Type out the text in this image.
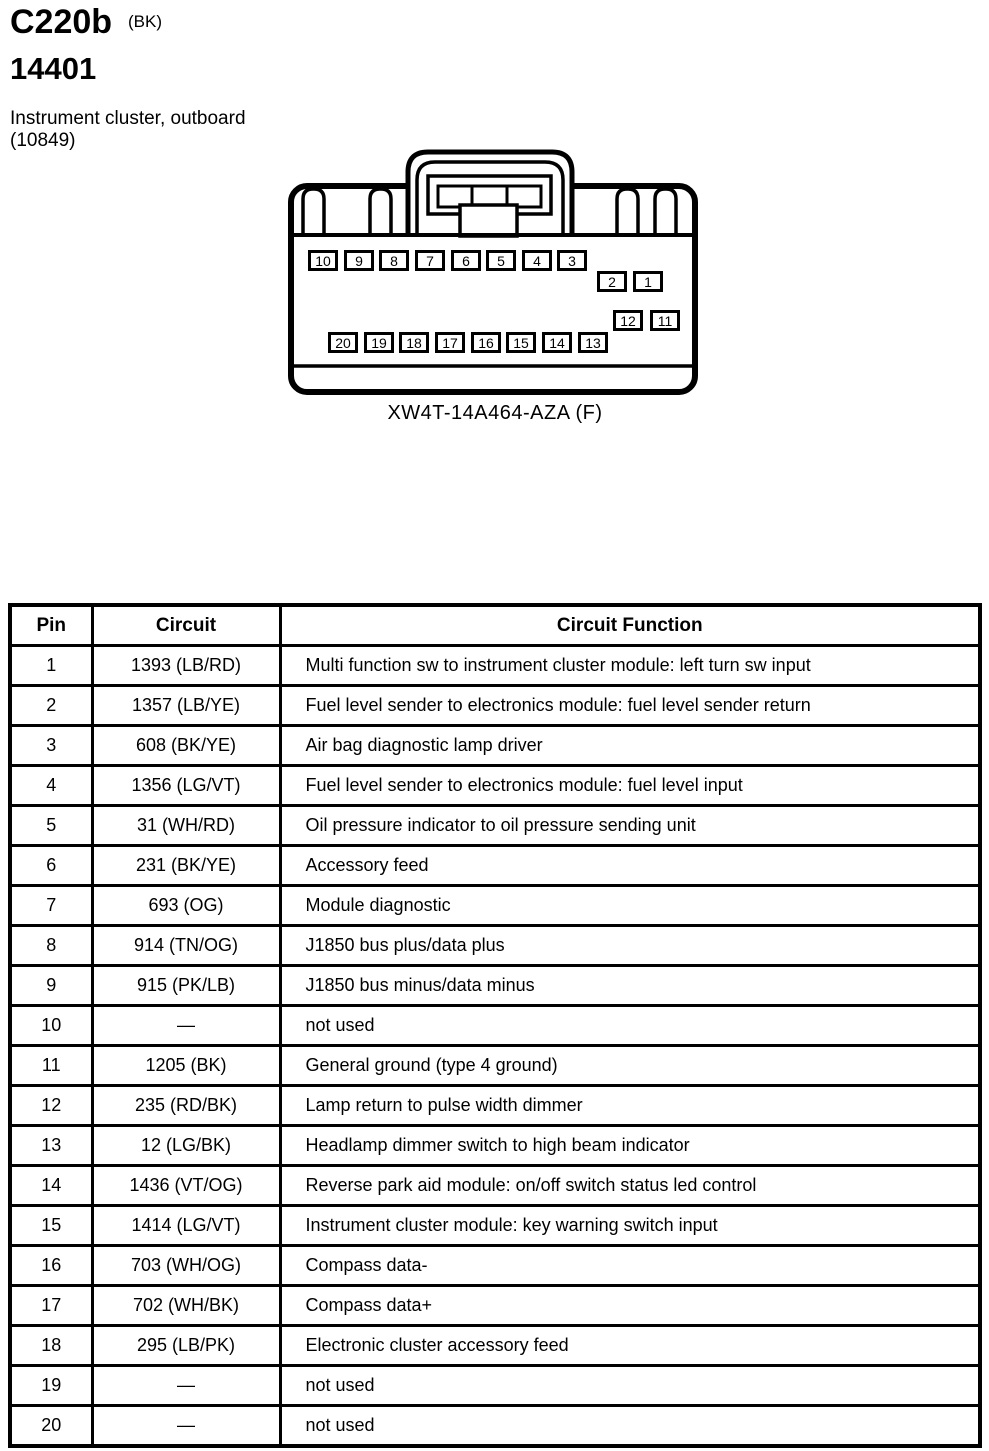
C220b (BK)
14401
Instrument cluster, outboard
(10849)
10	9	8	7	6	5	4	3
2	1
12	11
20	19	18	17	16	15	14	13
XW4T-14A464-AZA (F)
Pin	Circuit	Circuit Function
1	1393 (LB/RD)	Multi function sw to instrument cluster module: left turn sw input
2	1357 (LB/YE)	Fuel level sender to electronics module: fuel level sender return
3	608 (BK/YE)	Air bag diagnostic lamp driver
4	1356 (LG/VT)	Fuel level sender to electronics module: fuel level input
5	31 (WH/RD)	Oil pressure indicator to oil pressure sending unit
6	231 (BK/YE)	Accessory feed
7	693 (OG)	Module diagnostic
8	914 (TN/OG)	J1850 bus plus/data plus
9	915 (PK/LB)	J1850 bus minus/data minus
10	—	not used
11	1205 (BK)	General ground (type 4 ground)
12	235 (RD/BK)	Lamp return to pulse width dimmer
13	12 (LG/BK)	Headlamp dimmer switch to high beam indicator
14	1436 (VT/OG)	Reverse park aid module: on/off switch status led control
15	1414 (LG/VT)	Instrument cluster module: key warning switch input
16	703 (WH/OG)	Compass data-
17	702 (WH/BK)	Compass data+
18	295 (LB/PK)	Electronic cluster accessory feed
19	—	not used
20	—	not used
